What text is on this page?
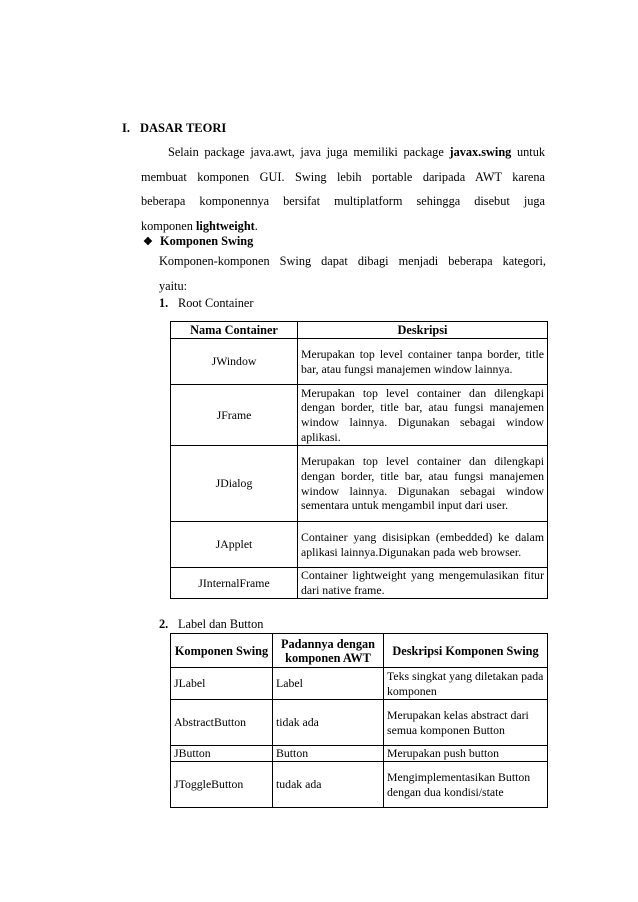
I. DASAR TEORI
Selain package java.awt, java juga memiliki package javax.swing untuk
membuat komponen GUI. Swing lebih portable daripada AWT karena
beberapa komponennya bersifat multiplatform sehingga disebut juga
komponen lightweight.
❖ Komponen Swing
Komponen-komponen Swing dapat dibagi menjadi beberapa kategori,
yaitu:
1. Root Container
Nama Container	Deskripsi
JWindow	Merupakan top level container tanpa border, title bar, atau fungsi manajemen window lainnya.
JFrame	Merupakan top level container dan dilengkapi dengan border, title bar, atau fungsi manajemen window lainnya. Digunakan sebagai window aplikasi.
JDialog	Merupakan top level container dan dilengkapi dengan border, title bar, atau fungsi manajemen window lainnya. Digunakan sebagai window sementara untuk mengambil input dari user.
JApplet	Container yang disisipkan (embedded) ke dalam aplikasi lainnya.Digunakan pada web browser.
JInternalFrame	Container lightweight yang mengemulasikan fitur dari native frame.
2. Label dan Button
Komponen Swing	Padannya dengan komponen AWT	Deskripsi Komponen Swing
JLabel	Label	Teks singkat yang diletakan pada komponen
AbstractButton	tidak ada	Merupakan kelas abstract dari semua komponen Button
JButton	Button	Merupakan push button
JToggleButton	tudak ada	Mengimplementasikan Button dengan dua kondisi/state
